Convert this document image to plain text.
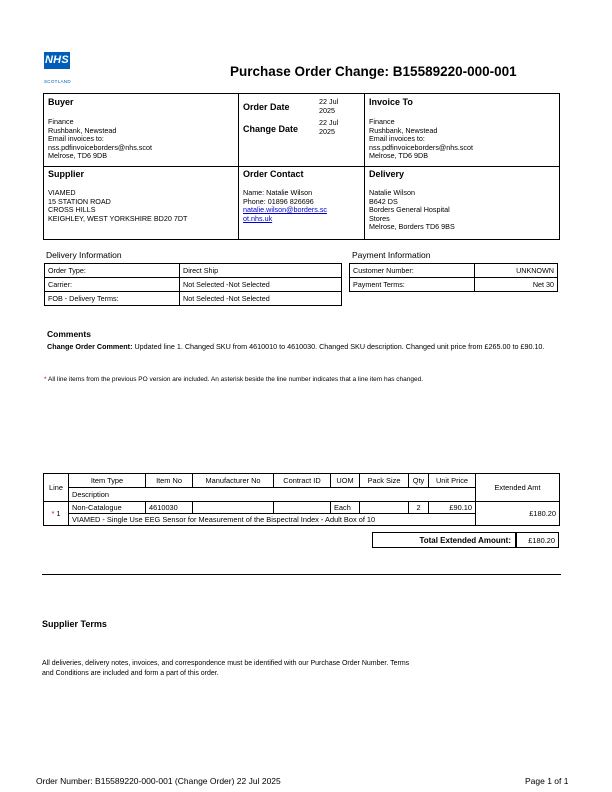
NHS
SCOTLAND
Purchase Order Change: B15589220-000-001
Buyer
Finance
Rushbank, Newstead
Email invoices to:
nss.pdfinvoiceborders@nhs.scot
Melrose, TD6 9DB
Order Date
22 Jul
2025
Change Date
22 Jul
2025
Invoice To
Finance
Rushbank, Newstead
Email invoices to:
nss.pdfinvoiceborders@nhs.scot
Melrose, TD6 9DB
Supplier
VIAMED
15 STATION ROAD
CROSS HILLS
KEIGHLEY, WEST YORKSHIRE BD20 7DT
Order Contact
Name: Natalie Wilson
Phone: 01896 826696
natalie.wilson@borders.sc
ot.nhs.uk
Delivery
Natalie Wilson
B642 DS
Borders General Hospital
Stores
Melrose, Borders TD6 9BS
Delivery Information
Order Type:	Direct Ship
Carrier:	Not Selected -Not Selected
FOB - Delivery Terms:	Not Selected -Not Selected
Payment Information
Customer Number:	UNKNOWN
Payment Terms:	Net 30
Comments
Change Order Comment: Updated line 1. Changed SKU from 4610010 to 4610030. Changed SKU description. Changed unit price from £265.00 to £90.10.
* All line items from the previous PO version are included. An asterisk beside the line number indicates that a line item has changed.
Line	Item Type	Item No	Manufacturer No	Contract ID	UOM	Pack Size	Qty	Unit Price	Extended Amt
	Description								
* 1	Non-Catalogue	4610030			Each		2	£90.10	£180.20
	VIAMED - Single Use EEG Sensor for Measurement of the Bispectral Index - Adult Box of 10								
Total Extended Amount:	£180.20
Supplier Terms
All deliveries, delivery notes, invoices, and correspondence must be identified with our Purchase Order Number. Terms and Conditions are included and form a part of this order.
Order Number: B15589220-000-001 (Change Order) 22 Jul 2025	Page 1 of 1
